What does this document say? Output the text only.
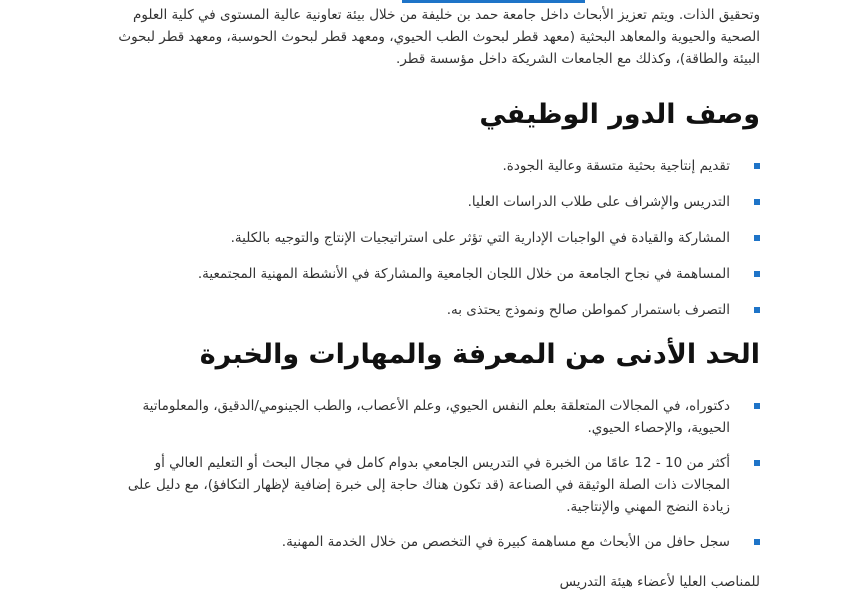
وتحقيق الذات. ويتم تعزيز الأبحاث داخل جامعة حمد بن خليفة من خلال بيئة تعاونية عالية المستوى في كلية العلوم الصحية والحيوية والمعاهد البحثية (معهد قطر لبحوث الطب الحيوي، ومعهد قطر لبحوث الحوسبة، ومعهد قطر لبحوث البيئة والطاقة)، وكذلك مع الجامعات الشريكة داخل مؤسسة قطر.

وصف الدور الوظيفي
تقديم إنتاجية بحثية متسقة وعالية الجودة.
التدريس والإشراف على طلاب الدراسات العليا.
المشاركة والقيادة في الواجبات الإدارية التي تؤثر على استراتيجيات الإنتاج والتوجيه بالكلية.
المساهمة في نجاح الجامعة من خلال اللجان الجامعية والمشاركة في الأنشطة المهنية المجتمعية.
التصرف باستمرار كمواطن صالح ونموذج يحتذى به.
الحد الأدنى من المعرفة والمهارات والخبرة
دكتوراه، في المجالات المتعلقة بعلم النفس الحيوي، وعلم الأعصاب، والطب الجينومي/الدقيق، والمعلوماتية الحيوية، والإحصاء الحيوي.
أكثر من 10 - 12 عامًا من الخبرة في التدريس الجامعي بدوام كامل في مجال البحث أو التعليم العالي أو المجالات ذات الصلة الوثيقة في الصناعة (قد تكون هناك حاجة إلى خبرة إضافية لإظهار التكافؤ)، مع دليل على زيادة النضج المهني والإنتاجية.
سجل حافل من الأبحاث مع مساهمة كبيرة في التخصص من خلال الخدمة المهنية.
للمناصب العليا لأعضاء هيئة التدريس
